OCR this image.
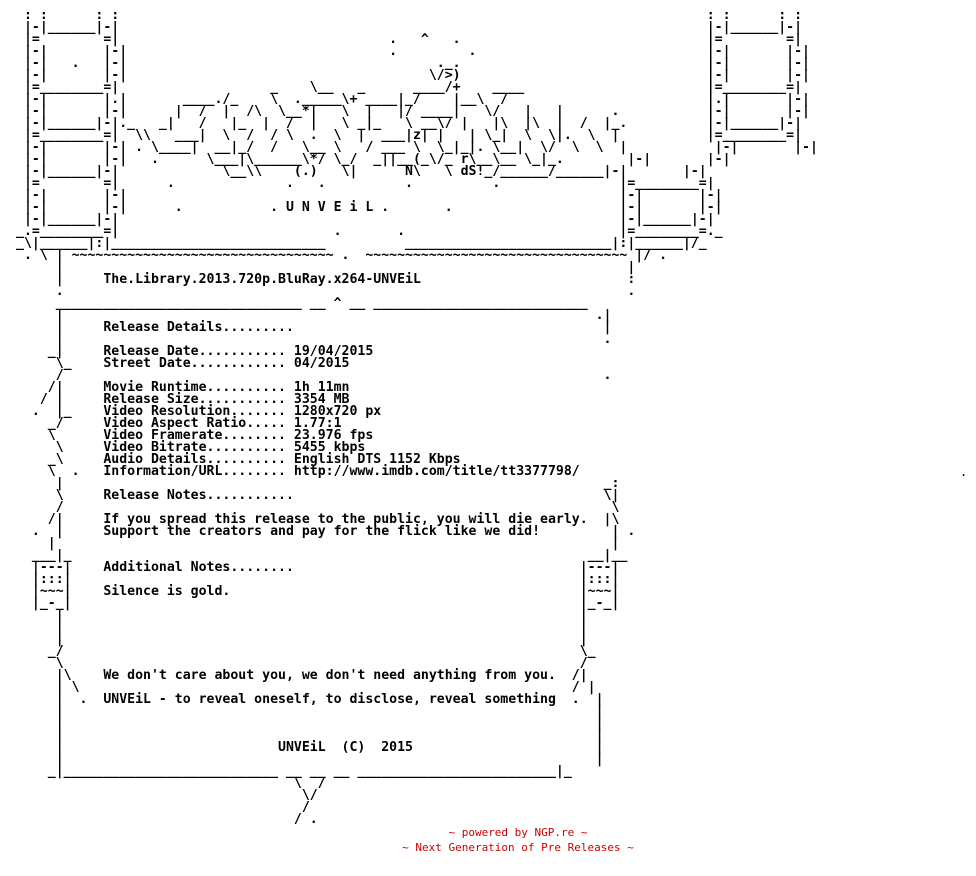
: :      : :                                                                          : :      : :
|-|______|-|                                                                          |-|______|-|
|=        =|                                  .   ^   .                               |=        =|
|-|       |-|                                 .         .                             |-|       |-|
|-|   .   |-|                                       ._.                               |-|       |-|
|-|       |-|                                      \/>)                               |-|       |-|
|=________=|                   _    \__   _      ____/+    ____                       |=________=|
|-|       |.|       ____./_    \  ._____\+ ____|_/    |__\  /                         |.|       |-|
|-|       |-|      |  /  |  /\  \__*|   \  |   |/ ____|   \/   |   |      .           |-|       |-|
|-|______|-|._   _|   /   |_  |  /  |   \ _|_   \ __\/ |   |\  |\  |  /  |_.          |-|______|-|
|=________=|  \\   ___|  \  /  / \  .  \  |  ___|z| |   | \_|  \  \|.  \  |           |=________=|
|-|       |-| . \____|  __|_/  /   \__ \   / ___ \  \_|_|. \__|  \/  \  \  |           |-|       |-|
|-|       |-|   .      \___|\______\*/ \_/  _||__(_\/_ r\__\__ \_|_.        |-|       |-|
|-|______|-|             \__\\    (.)   \|      N\   \ dS!_/______/______|-|       |-|
|=        =|      .              .   .          .          .               |=________=|
|-|       |-|                                                              |-|       |-|
|-|       |-|      .           . U N V E i L .       .                     |-|       |-|
|-|______|-|                                                               |-|______|-|
_.=________=|                           .       .                           |=________=._
_\|______|:|___________________________          __________________________|:|______|/_
. \ | ~~~~~~~~~~~~~~~~~~~~~~~~~~~~~~~~~ .  ~~~~~~~~~~~~~~~~~~~~~~~~~~~~~~~~~ |/ .
|                                                                       |
|     The.Library.2013.720p.BluRay.x264-UNVEiL                          :
.                                                                       .
_______________________________ __ ^ __ ___________________________
|                                                                   .|
|     Release Details.........                                       |
|                                                                    .
_|     Release Date........... 19/04/2015
\_    Street Date............ 04/2015
/                                                                    .
/|     Movie Runtime.......... 1h 11mn
/ |     Release Size........... 3354 MB
.  |_    Video Resolution....... 1280x720 px
_/     Video Aspect Ratio..... 1.77:1
\      Video Framerate........ 23.976 fps
\     Video Bitrate.......... 5455 kbps
_\     Audio Details.......... English DTS 1152 Kbps
\  .   Information/URL........ http://www.imdb.com/title/tt3377798/
|                                                                    _:
\     Release Notes...........                                       \|
/                                                                     \
/|     If you spread this release to the public, you will die early.  |\
.  |     Support the creators and pay for the flick like we did!         | .
|                                                                      |
___|_                                                                 __|__
|---|    Additional Notes........                                    |---|
|:::|                                                                |:::|
|~~~|    Silence is gold.                                            |~~~|
|_-_|                                                                |_-_|
|                                                                 |
|                                                                 |
|                                                                 |
_/                                                                 \_
\                                                                 /
|\    We don't care about you, we don't need anything from you.  /|
| \                                                              / |
|  .  UNVEiL - to reveal oneself, to disclose, reveal something  .  |
|                                                                   |
|                                                                   |
|                                                                   |
|                           UNVEiL  (C)  2015                       |
|                                                                   |
_|___________________________ __ __ __ _________________________|_
\  /
\/
/
/ .
.
~ powered by NGP.re ~
~ Next Generation of Pre Releases ~
